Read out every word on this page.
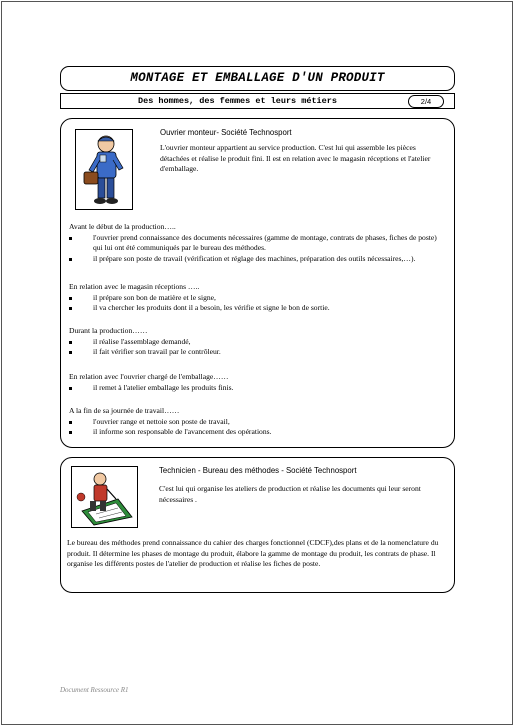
MONTAGE ET EMBALLAGE D'UN PRODUIT
Des hommes, des femmes et leurs métiers	2/4
Ouvrier monteur- Société Technosport
L'ouvrier monteur appartient au service production. C'est lui qui assemble les pièces détachées et réalise le produit fini. Il est en relation avec le magasin réceptions et l'atelier d'emballage.

Avant le début de la production…..

l'ouvrier prend connaissance des documents nécessaires (gamme de montage, contrats de phases, fiches de poste) qui lui ont été communiqués par le bureau des méthodes.
il prépare son poste de travail (vérification et réglage des machines, préparation des outils nécessaires,…).

En relation avec le magasin réceptions …..

il prépare son bon de matière et le signe,
il va chercher les produits dont il a besoin, les vérifie et signe le bon de sortie.

Durant la production……

il réalise l'assemblage demandé,
il fait vérifier son travail par le contrôleur.

En relation avec l'ouvrier chargé de l'emballage……

il remet à l'atelier emballage les produits finis.

A la fin de sa journée de travail……

l'ouvrier range et nettoie son poste de travail,
il informe son responsable de l'avancement des opérations.
Technicien - Bureau des méthodes - Société Technosport
C'est lui qui organise les ateliers de production et réalise les documents qui leur seront nécessaires .
Le bureau des méthodes prend connaissance du cahier des charges fonctionnel (CDCF),des plans et de la nomenclature du produit. Il détermine les phases de montage du produit, élabore la gamme de montage du produit, les contrats de phase. Il organise les différents postes de l'atelier de production et réalise les fiches de poste.
Document Ressource R1
